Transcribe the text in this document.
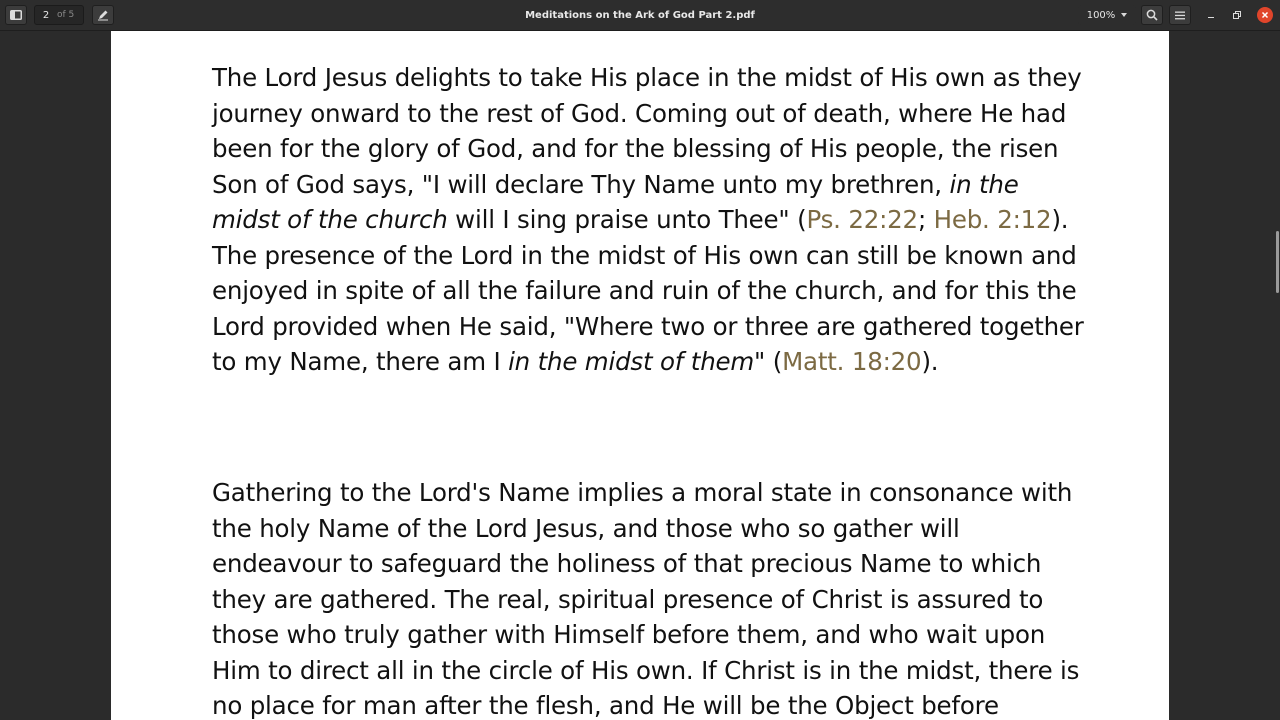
2 of 5	Meditations on the Ark of God Part 2.pdf	100%

The Lord Jesus delights to take His place in the midst of His own as they journey onward to the rest of God. Coming out of death, where He had been for the glory of God, and for the blessing of His people, the risen Son of God says, "I will declare Thy Name unto my brethren, in the midst of the church will I sing praise unto Thee" (Ps. 22:22; Heb. 2:12). The presence of the Lord in the midst of His own can still be known and enjoyed in spite of all the failure and ruin of the church, and for this the Lord provided when He said, "Where two or three are gathered together to my Name, there am I in the midst of them" (Matt. 18:20).

Gathering to the Lord's Name implies a moral state in consonance with the holy Name of the Lord Jesus, and those who so gather will endeavour to safeguard the holiness of that precious Name to which they are gathered. The real, spiritual presence of Christ is assured to those who truly gather with Himself before them, and who wait upon Him to direct all in the circle of His own. If Christ is in the midst, there is no place for man after the flesh, and He will be the Object before
